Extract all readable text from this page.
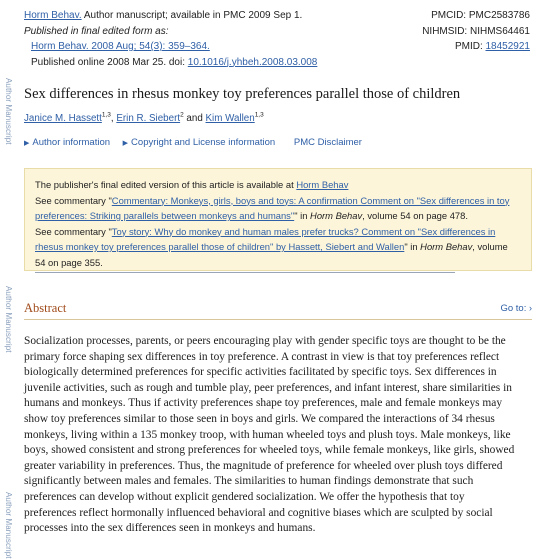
Author Manuscript
Author Manuscript
Author Manuscript
Horm Behav. Author manuscript; available in PMC 2009 Sep 1.
Published in final edited form as:
Horm Behav. 2008 Aug; 54(3): 359–364.
Published online 2008 Mar 25. doi: 10.1016/j.yhbeh.2008.03.008
PMCID: PMC2583786
NIHMSID: NIHMS64461
PMID: 18452921
Sex differences in rhesus monkey toy preferences parallel those of children
Janice M. Hassett$^{1,3}$, Erin R. Siebert$^2$ and Kim Wallen$^{1,3}$
▶ Author information ▶ Copyright and License information PMC Disclaimer
The publisher's final edited version of this article is available at Horm Behav
See commentary "Commentary: Monkeys, girls, boys and toys: A confirmation Comment on "Sex differences in toy
preferences: Striking parallels between monkeys and humans"" in Horm Behav, volume 54 on page 478.
See commentary "Toy story: Why do monkey and human males prefer trucks? Comment on "Sex differences in
rhesus monkey toy preferences parallel those of children" by Hassett, Siebert and Wallen" in Horm Behav, volume
54 on page 355.
Abstract	Go to: ›
Socialization processes, parents, or peers encouraging play with gender specific toys are thought to be the
primary force shaping sex differences in toy preference. A contrast in view is that toy preferences reflect
biologically determined preferences for specific activities facilitated by specific toys. Sex differences in
juvenile activities, such as rough and tumble play, peer preferences, and infant interest, share similarities in
humans and monkeys. Thus if activity preferences shape toy preferences, male and female monkeys may
show toy preferences similar to those seen in boys and girls. We compared the interactions of 34 rhesus
monkeys, living within a 135 monkey troop, with human wheeled toys and plush toys. Male monkeys, like
boys, showed consistent and strong preferences for wheeled toys, while female monkeys, like girls, showed
greater variability in preferences. Thus, the magnitude of preference for wheeled over plush toys differed
significantly between males and females. The similarities to human findings demonstrate that such
preferences can develop without explicit gendered socialization. We offer the hypothesis that toy
preferences reflect hormonally influenced behavioral and cognitive biases which are sculpted by social
processes into the sex differences seen in monkeys and humans.
